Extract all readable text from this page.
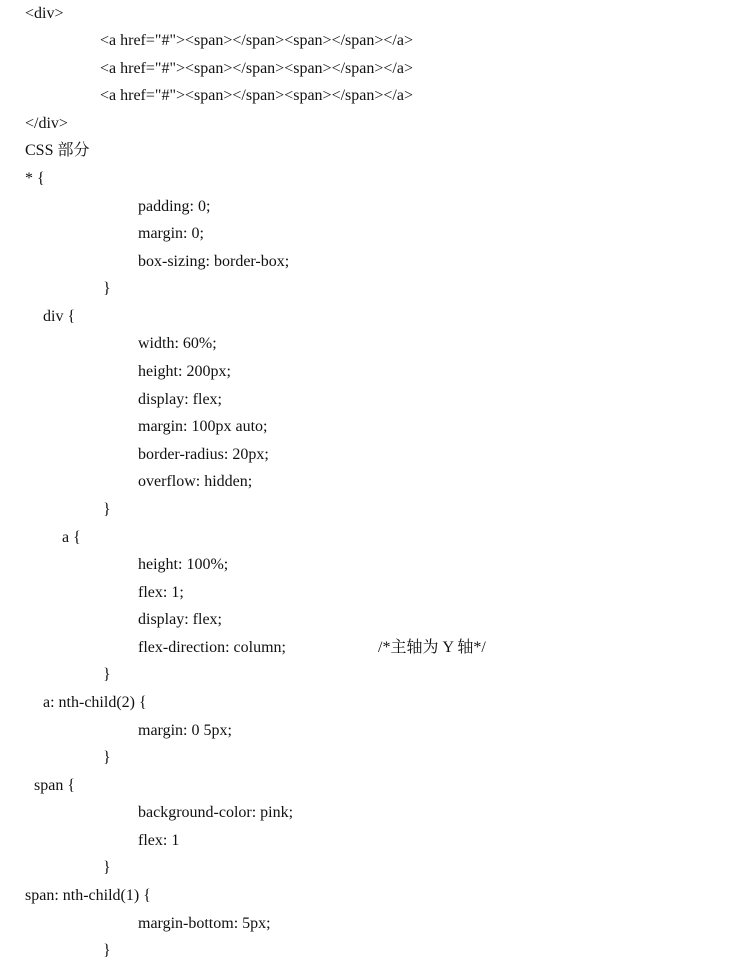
<div>
<a href="#"><span></span><span></span></a>
<a href="#"><span></span><span></span></a>
<a href="#"><span></span><span></span></a>
</div>
CSS 部分
* {
padding: 0;
margin: 0;
box-sizing: border-box;
}
div {
width: 60%;
height: 200px;
display: flex;
margin: 100px auto;
border-radius: 20px;
overflow: hidden;
}
a {
height: 100%;
flex: 1;
display: flex;
flex-direction: column;	/*主轴为 Y 轴*/
}
a: nth-child(2) {
margin: 0 5px;
}
span {
background-color: pink;
flex: 1
}
span: nth-child(1) {
margin-bottom: 5px;
}
